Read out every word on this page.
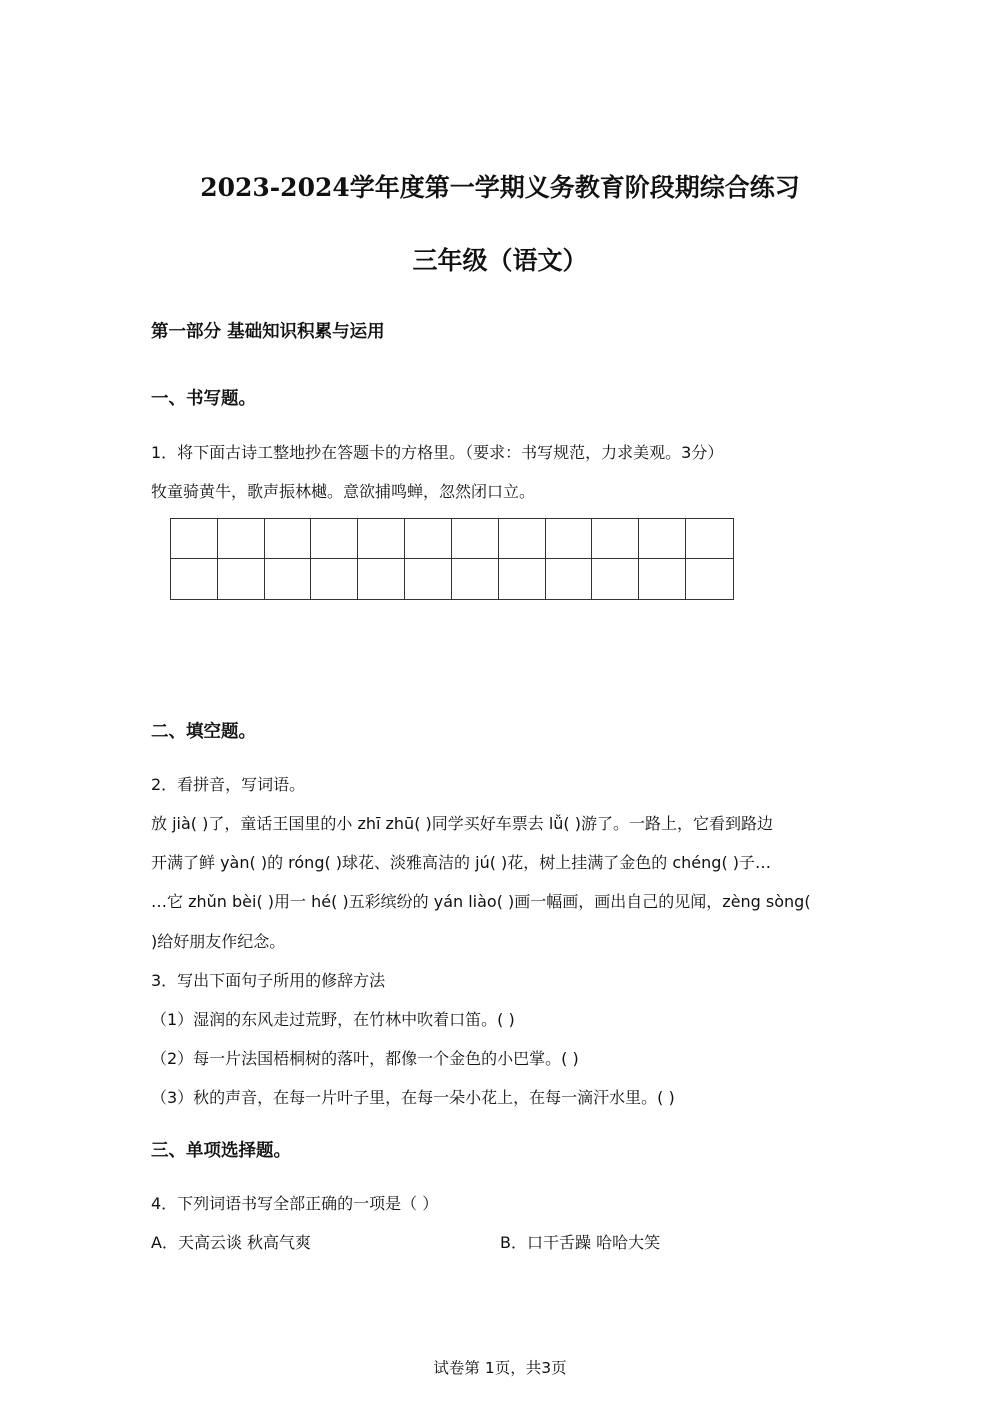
2023-2024学年度第一学期义务教育阶段期综合练习
三年级（语文）
第一部分 基础知识积累与运用
一、书写题。
1．将下面古诗工整地抄在答题卡的方格里。（要求：书写规范，力求美观。3分）
牧童骑黄牛，歌声振林樾。意欲捕鸣蝉，忽然闭口立。
二、填空题。
2．看拼音，写词语。
放 jià( )了，童话王国里的小 zhī zhū( )同学买好车票去 lǚ( )游了。一路上，它看到路边
开满了鲜 yàn( )的 róng( )球花、淡雅高洁的 jú( )花，树上挂满了金色的 chéng( )子…
…它 zhǔn bèi( )用一 hé( )五彩缤纷的 yán liào( )画一幅画，画出自己的见闻，zèng sòng(
)给好朋友作纪念。
3．写出下面句子所用的修辞方法
（1）湿润的东风走过荒野，在竹林中吹着口笛。( )
（2）每一片法国梧桐树的落叶，都像一个金色的小巴掌。( )
（3）秋的声音，在每一片叶子里，在每一朵小花上，在每一滴汗水里。( )
三、单项选择题。
4．下列词语书写全部正确的一项是（ ）
A．天高云谈 秋高气爽	B．口干舌躁 哈哈大笑
试卷第 1页，共3页
